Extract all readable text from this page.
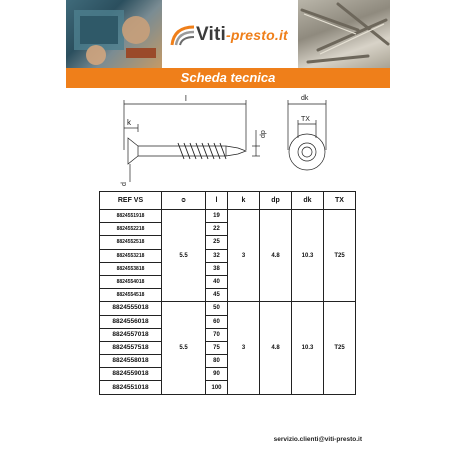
Viti-presto.it
Scheda tecnica
l
k
dp
d
dk
TX
REF VS	ᴑ	l	k	dp	dk	TX
8824551918	5.5	19	3	4.8	10.3	T25
8824552218		22				
8824552518		25				
8824553218		32				
8824553818		38				
8824554018		40				
8824554518		45				
8824555018	5.5	50	3	4.8	10.3	T25
8824556018		60				
8824557018		70				
8824557518		75				
8824558018		80				
8824559018		90				
8824551018		100				
servizio.clienti@viti-presto.it
